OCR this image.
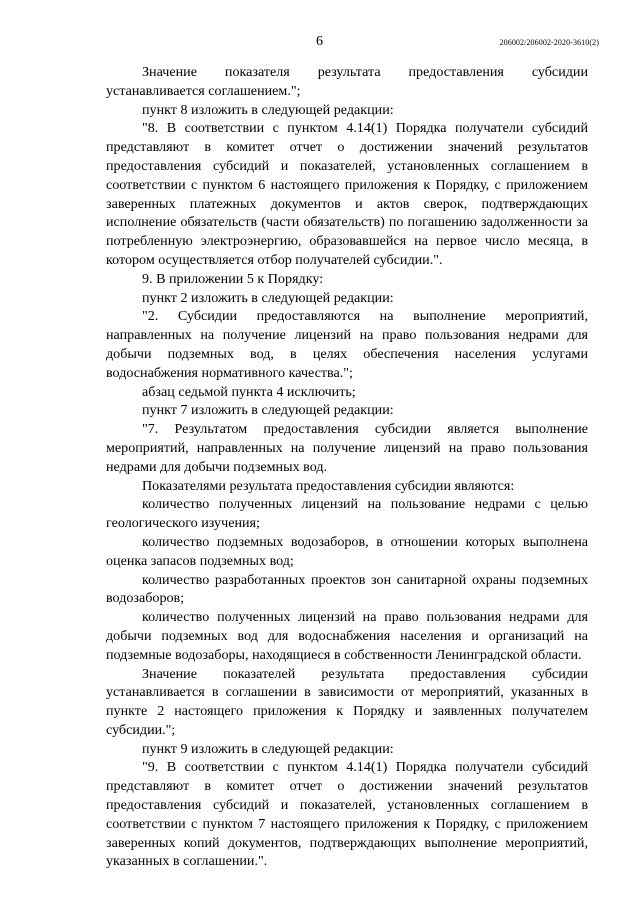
206002/206002-2020-3610(2)
6

Значение показателя результата предоставления субсидии устанавливается соглашением.";

пункт 8 изложить в следующей редакции:

"8. В соответствии с пунктом 4.14(1) Порядка получатели субсидий представляют в комитет отчет о достижении значений результатов предоставления субсидий и показателей, установленных соглашением в соответствии с пунктом 6 настоящего приложения к Порядку, с приложением заверенных платежных документов и актов сверок, подтверждающих исполнение обязательств (части обязательств) по погашению задолженности за потребленную электроэнергию, образовавшейся на первое число месяца, в котором осуществляется отбор получателей субсидии.".

9. В приложении 5 к Порядку:

пункт 2 изложить в следующей редакции:

"2. Субсидии предоставляются на выполнение мероприятий, направленных на получение лицензий на право пользования недрами для добычи подземных вод, в целях обеспечения населения услугами водоснабжения нормативного качества.";

абзац седьмой пункта 4 исключить;

пункт 7 изложить в следующей редакции:

"7. Результатом предоставления субсидии является выполнение мероприятий, направленных на получение лицензий на право пользования недрами для добычи подземных вод.

Показателями результата предоставления субсидии являются:

количество полученных лицензий на пользование недрами с целью геологического изучения;

количество подземных водозаборов, в отношении которых выполнена оценка запасов подземных вод;

количество разработанных проектов зон санитарной охраны подземных водозаборов;

количество полученных лицензий на право пользования недрами для добычи подземных вод для водоснабжения населения и организаций на подземные водозаборы, находящиеся в собственности Ленинградской области.

Значение показателей результата предоставления субсидии устанавливается в соглашении в зависимости от мероприятий, указанных в пункте 2 настоящего приложения к Порядку и заявленных получателем субсидии.";

пункт 9 изложить в следующей редакции:

"9. В соответствии с пунктом 4.14(1) Порядка получатели субсидий представляют в комитет отчет о достижении значений результатов предоставления субсидий и показателей, установленных соглашением в соответствии с пунктом 7 настоящего приложения к Порядку, с приложением заверенных копий документов, подтверждающих выполнение мероприятий, указанных в соглашении.".
